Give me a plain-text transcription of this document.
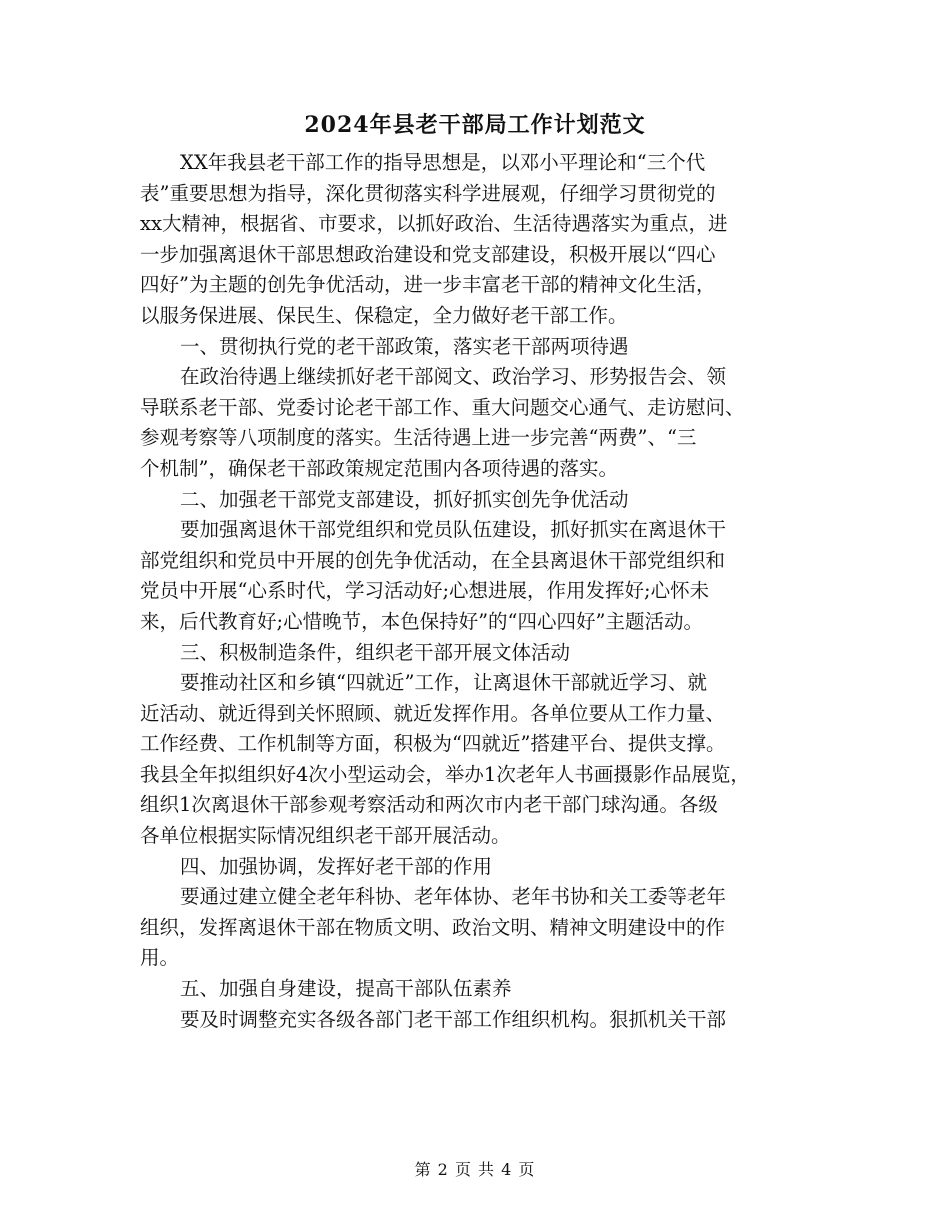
2024年县老干部局工作计划范文
XX年我县老干部工作的指导思想是，以邓小平理论和“三个代
表”重要思想为指导，深化贯彻落实科学进展观，仔细学习贯彻党的
xx大精神，根据省、市要求，以抓好政治、生活待遇落实为重点，进
一步加强离退休干部思想政治建设和党支部建设，积极开展以“四心
四好”为主题的创先争优活动，进一步丰富老干部的精神文化生活，
以服务保进展、保民生、保稳定，全力做好老干部工作。
一、贯彻执行党的老干部政策，落实老干部两项待遇
在政治待遇上继续抓好老干部阅文、政治学习、形势报告会、领
导联系老干部、党委讨论老干部工作、重大问题交心通气、走访慰问、
参观考察等八项制度的落实。生活待遇上进一步完善“两费”、“三
个机制”，确保老干部政策规定范围内各项待遇的落实。
二、加强老干部党支部建设，抓好抓实创先争优活动
要加强离退休干部党组织和党员队伍建设，抓好抓实在离退休干
部党组织和党员中开展的创先争优活动，在全县离退休干部党组织和
党员中开展“心系时代，学习活动好;心想进展，作用发挥好;心怀未
来，后代教育好;心惜晚节，本色保持好”的“四心四好”主题活动。
三、积极制造条件，组织老干部开展文体活动
要推动社区和乡镇“四就近”工作，让离退休干部就近学习、就
近活动、就近得到关怀照顾、就近发挥作用。各单位要从工作力量、
工作经费、工作机制等方面，积极为“四就近”搭建平台、提供支撑。
我县全年拟组织好4次小型运动会，举办1次老年人书画摄影作品展览，
组织1次离退休干部参观考察活动和两次市内老干部门球沟通。各级
各单位根据实际情况组织老干部开展活动。
四、加强协调，发挥好老干部的作用
要通过建立健全老年科协、老年体协、老年书协和关工委等老年
组织，发挥离退休干部在物质文明、政治文明、精神文明建设中的作
用。
五、加强自身建设，提高干部队伍素养
要及时调整充实各级各部门老干部工作组织机构。狠抓机关干部
第 2 页 共 4 页
